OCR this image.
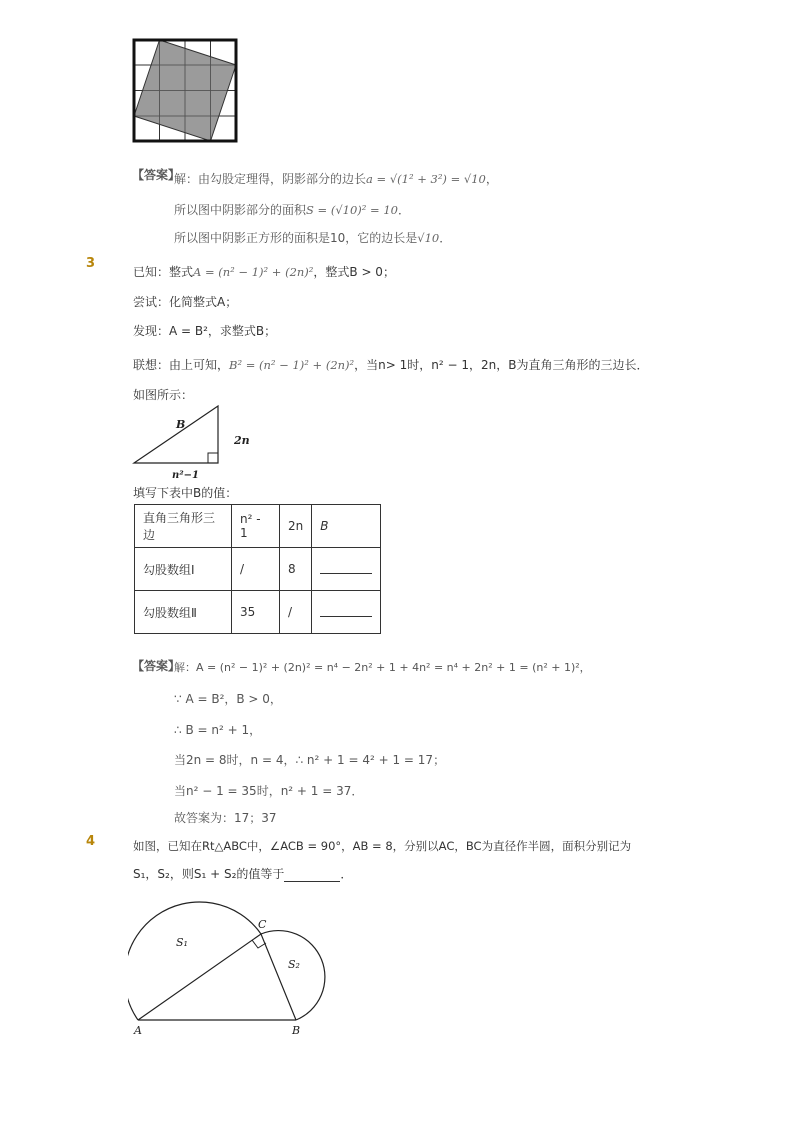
【答案】
解：由勾股定理得，阴影部分的边长a = √(1² + 3²) = √10，
所以图中阴影部分的面积S = (√10)² = 10．
所以图中阴影正方形的面积是10，它的边长是√10．
3
已知：整式A = (n² − 1)² + (2n)²，整式B > 0；
尝试：化简整式A；
发现：A = B²，求整式B；
联想：由上可知，B² = (n² − 1)² + (2n)²，当n> 1时，n² − 1，2n，B为直角三角形的三边长．
如图所示：
B
2n
n²−1
填写下表中B的值：
直角三角形三边	n² - 1	2n	B
勾股数组Ⅰ	/	8	
勾股数组Ⅱ	35	/	
【答案】
解：A = (n² − 1)² + (2n)² = n⁴ − 2n² + 1 + 4n² = n⁴ + 2n² + 1 = (n² + 1)²，
∵ A = B²，B > 0，
∴ B = n² + 1，
当2n = 8时，n = 4，∴ n² + 1 = 4² + 1 = 17；
当n² − 1 = 35时，n² + 1 = 37．
故答案为：17；37
4	如图，已知在Rt△ABC中，∠ACB = 90°，AB = 8，分别以AC，BC为直径作半圆，面积分别记为
S₁，S₂，则S₁ + S₂的值等于	．
A	B
C
S₁
S₂
